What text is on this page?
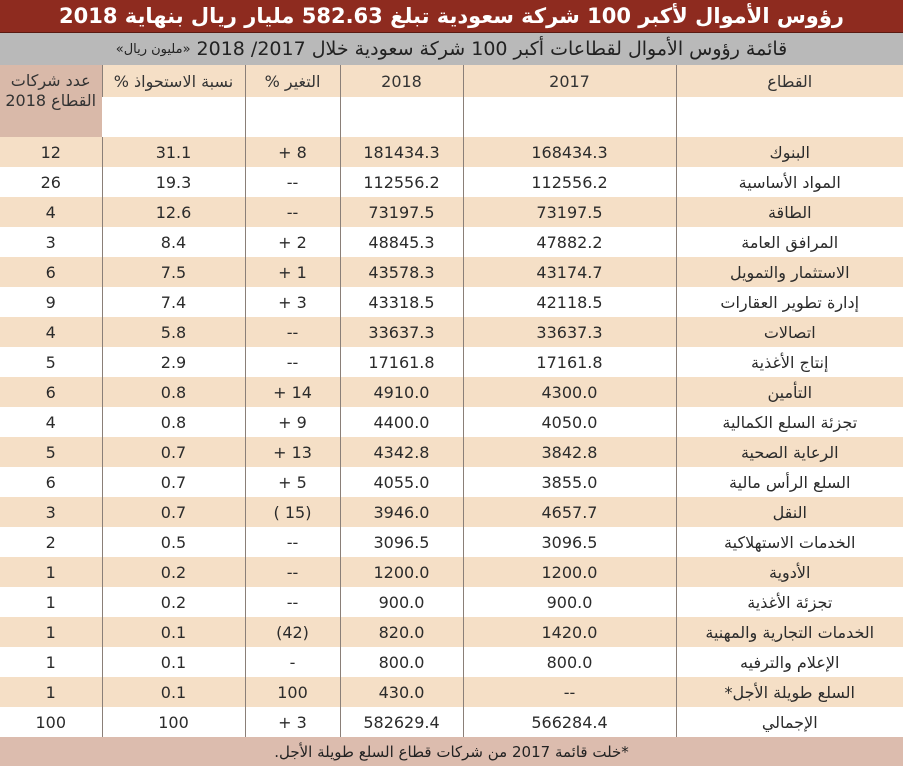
رؤوس الأموال لأكبر 100 شركة سعودية تبلغ 582.63 مليار ريال بنهاية 2018
قائمة رؤوس الأموال لقطاعات أكبر 100 شركة سعودية خلال 2017/ 2018
«مليون ريال»
القطاع	2017	2018	التغير %	نسبة الاستحواذ %	عدد شركات القطاع 2018

البنوك	168434.3	181434.3	8 +	31.1	12
المواد الأساسية	112556.2	112556.2	--	19.3	26
الطاقة	73197.5	73197.5	--	12.6	4
المرافق العامة	47882.2	48845.3	2 +	8.4	3
الاستثمار والتمويل	43174.7	43578.3	1 +	7.5	6
إدارة تطوير العقارات	42118.5	43318.5	3 +	7.4	9
اتصالات	33637.3	33637.3	--	5.8	4
إنتاج الأغذية	17161.8	17161.8	--	2.9	5
التأمين	4300.0	4910.0	14 +	0.8	6
تجزئة السلع الكمالية	4050.0	4400.0	9 +	0.8	4
الرعاية الصحية	3842.8	4342.8	13 +	0.7	5
السلع الرأس مالية	3855.0	4055.0	5 +	0.7	6
النقل	4657.7	3946.0	(15 )	0.7	3
الخدمات الاستهلاكية	3096.5	3096.5	--	0.5	2
الأدوية	1200.0	1200.0	--	0.2	1
تجزئة الأغذية	900.0	900.0	--	0.2	1
الخدمات التجارية والمهنية	1420.0	820.0	(42)	0.1	1
الإعلام والترفيه	800.0	800.0	-	0.1	1
السلع طويلة الأجل*	--	430.0	100	0.1	1
الإجمالي	566284.4	582629.4	3 +	100	100
*خلت قائمة 2017 من شركات قطاع السلع طويلة الأجل.
